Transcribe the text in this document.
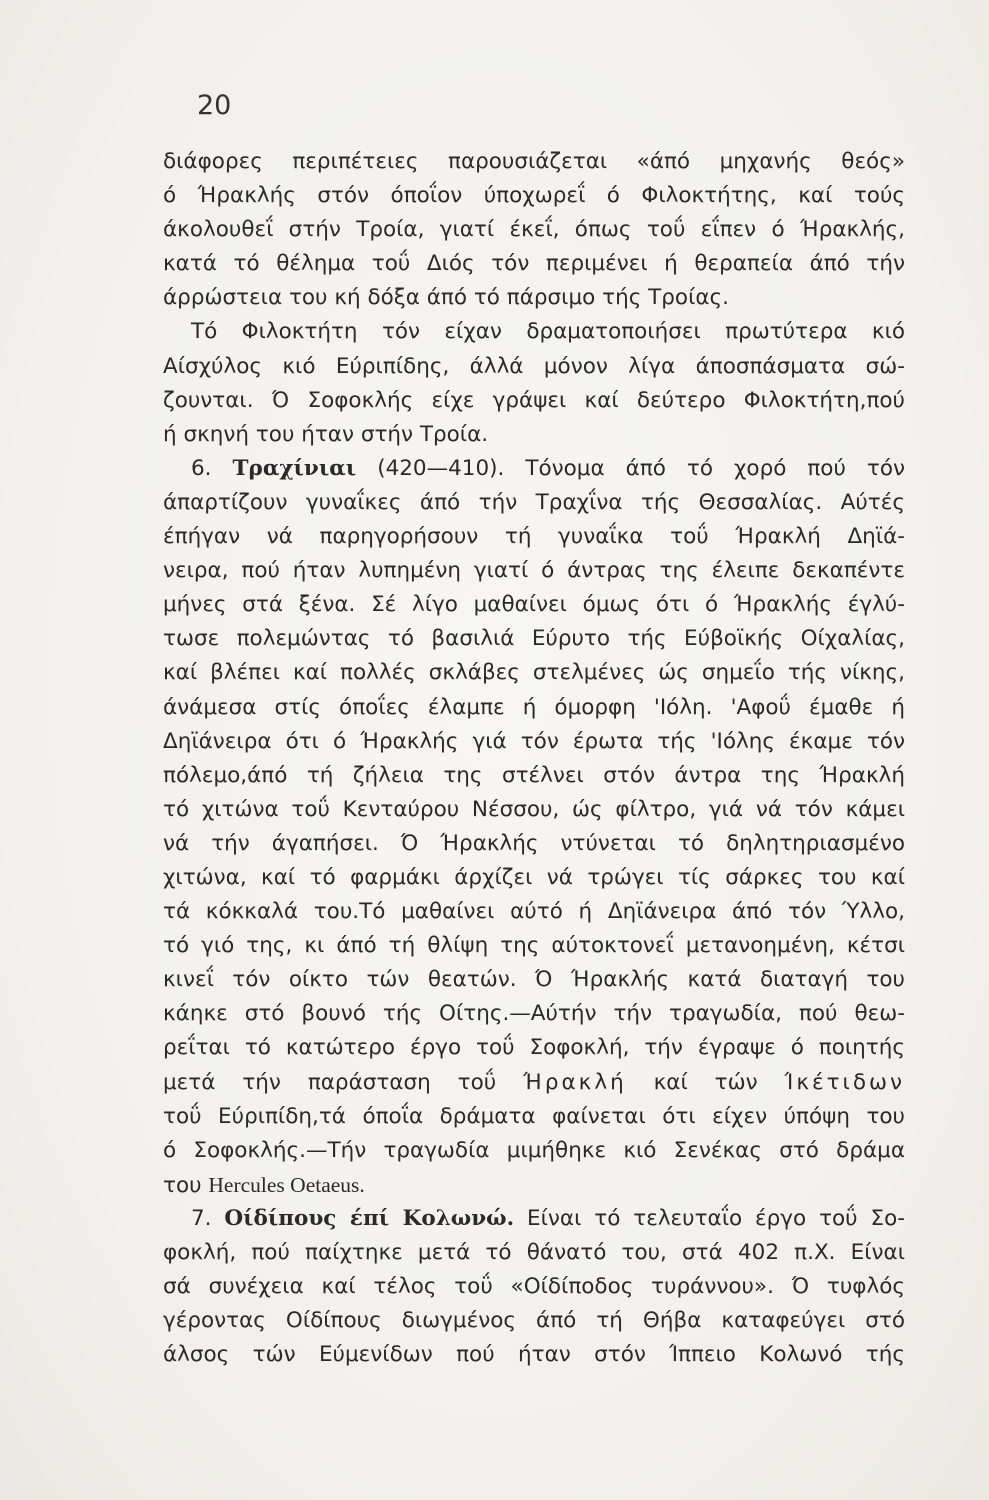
20
διάφορες περιπέτειες παρουσιάζεται «άπό μηχανής θεός»
ό Ήρακλής στόν όποΐον ύποχωρεΐ ό Φιλοκτήτης, καί τούς
άκολουθεΐ στήν Τροία, γιατί έκεΐ, όπως τοΰ εΐπεν ό Ήρακλής,
κατά τό θέλημα τοΰ Διός τόν περιμένει ή θεραπεία άπό τήν
άρρώστεια του κή δόξα άπό τό πάρσιμο τής Τροίας.
Τό Φιλοκτήτη τόν είχαν δραματοποιήσει πρωτύτερα κιό
Αίσχύλος κιό Εύριπίδης, άλλά μόνον λίγα άποσπάσματα σώ-
ζουνται. Ό Σοφοκλής είχε γράψει καί δεύτερο Φιλοκτήτη,πού
ή σκηνή του ήταν στήν Τροία.
6. Τραχίνιαι (420—410). Τόνομα άπό τό χορό πού τόν
άπαρτίζουν γυναΐκες άπό τήν Τραχΐνα τής Θεσσαλίας. Αύτές
έπήγαν νά παρηγορήσουν τή γυναΐκα τοΰ Ήρακλή Δηϊά-
νειρα, πού ήταν λυπημένη γιατί ό άντρας της έλειπε δεκαπέντε
μήνες στά ξένα. Σέ λίγο μαθαίνει όμως ότι ό Ήρακλής έγλύ-
τωσε πολεμώντας τό βασιλιά Εύρυτο τής Εύβοϊκής Οίχαλίας,
καί βλέπει καί πολλές σκλάβες στελμένες ώς σημεΐο τής νίκης,
άνάμεσα στίς όποΐες έλαμπε ή όμορφη 'Ιόλη. 'Αφοΰ έμαθε ή
Δηϊάνειρα ότι ό Ήρακλής γιά τόν έρωτα τής 'Ιόλης έκαμε τόν
πόλεμο,άπό τή ζήλεια της στέλνει στόν άντρα της Ήρακλή
τό χιτώνα τοΰ Κενταύρου Νέσσου, ώς φίλτρο, γιά νά τόν κάμει
νά τήν άγαπήσει. Ό Ήρακλής ντύνεται τό δηλητηριασμένο
χιτώνα, καί τό φαρμάκι άρχίζει νά τρώγει τίς σάρκες του καί
τά κόκκαλά του.Τό μαθαίνει αύτό ή Δηϊάνειρα άπό τόν Ύλλο,
τό γιό της, κι άπό τή θλίψη της αύτοκτονεΐ μετανοημένη, κέτσι
κινεΐ τόν οίκτο τών θεατών. Ό Ήρακλής κατά διαταγή του
κάηκε στό βουνό τής Οίτης.—Αύτήν τήν τραγωδία, πού θεω-
ρεΐται τό κατώτερο έργο τοΰ Σοφοκλή, τήν έγραψε ό ποιητής
μετά τήν παράσταση τοΰ Ήρακλή καί τών Ίκέτιδων
τοΰ Εύριπίδη,τά όποΐα δράματα φαίνεται ότι είχεν ύπόψη του
ό Σοφοκλής.—Τήν τραγωδία μιμήθηκε κιό Σενέκας στό δράμα
του Hercules Oetaeus.
7. Οίδίπους έπί Κολωνώ. Είναι τό τελευταΐο έργο τοΰ Σο-
φοκλή, πού παίχτηκε μετά τό θάνατό του, στά 402 π.Χ. Είναι
σά συνέχεια καί τέλος τοΰ «Οίδίποδος τυράννου». Ό τυφλός
γέροντας Οίδίπους διωγμένος άπό τή Θήβα καταφεύγει στό
άλσος τών Εύμενίδων πού ήταν στόν Ίππειο Κολωνό τής
